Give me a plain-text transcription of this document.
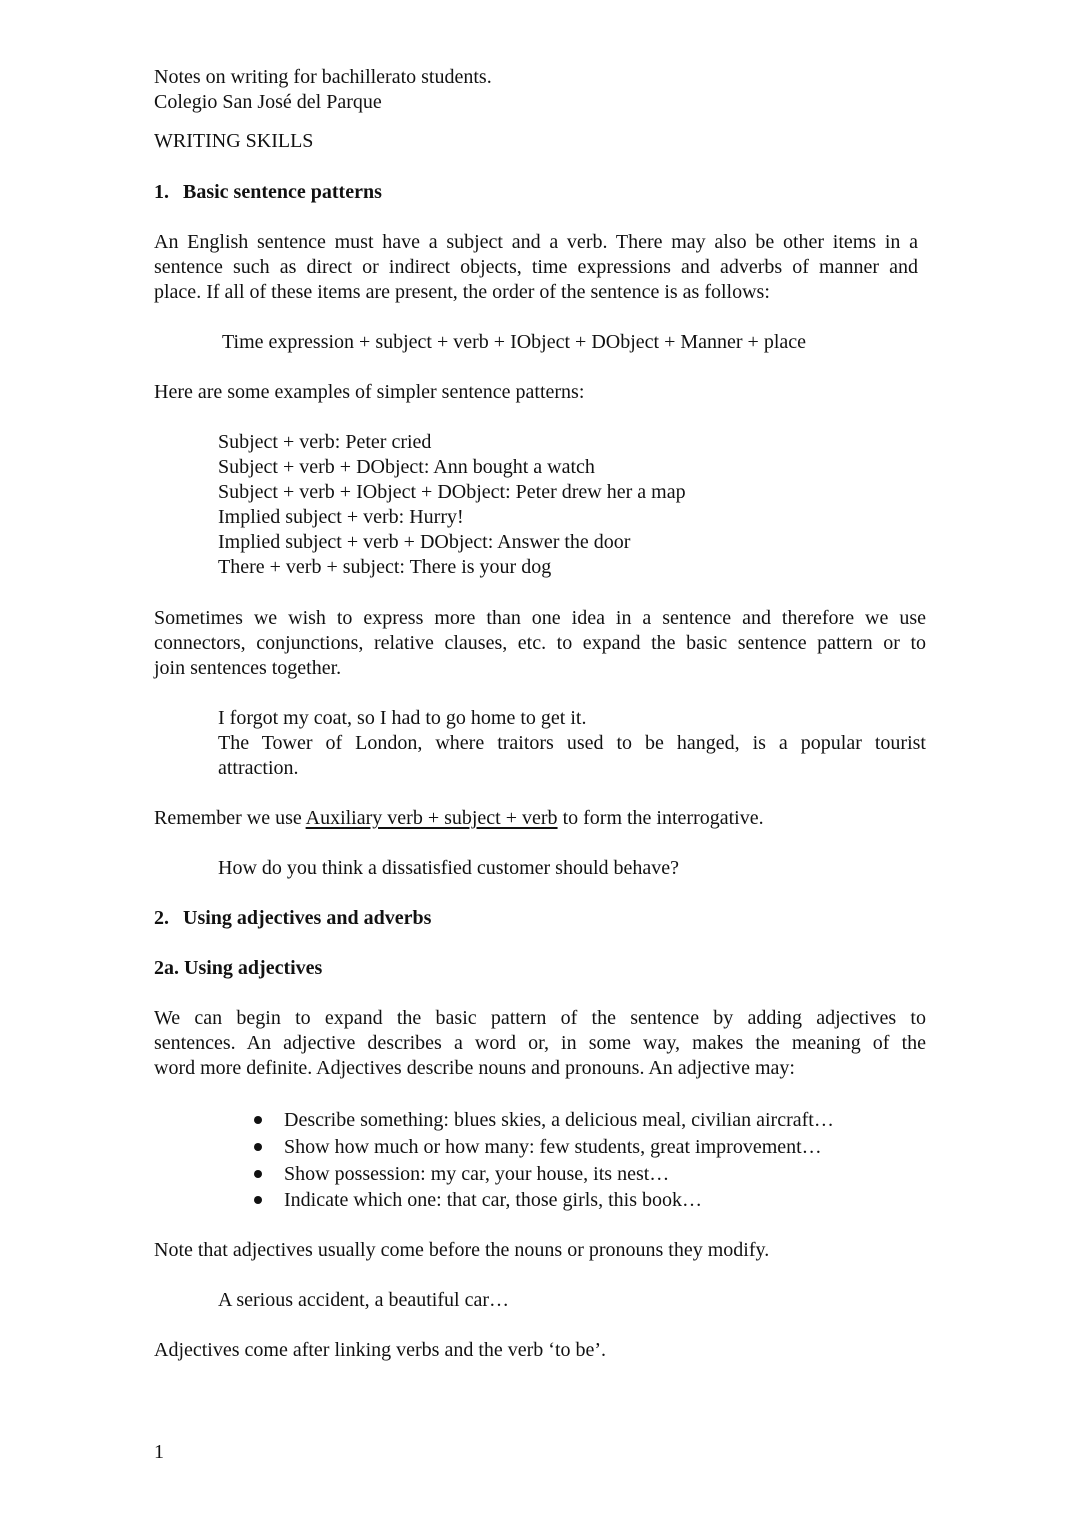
Notes on writing for bachillerato students.
Colegio San José del Parque
WRITING SKILLS
1. Basic sentence patterns
An English sentence must have a subject and a verb. There may also be other items in a
sentence such as direct or indirect objects, time expressions and adverbs of manner and
place. If all of these items are present, the order of the sentence is as follows:
Time expression + subject + verb + IObject + DObject + Manner + place
Here are some examples of simpler sentence patterns:
Subject + verb: Peter cried
Subject + verb + DObject: Ann bought a watch
Subject + verb + IObject + DObject: Peter drew her a map
Implied subject + verb: Hurry!
Implied subject + verb + DObject: Answer the door
There + verb + subject: There is your dog
Sometimes we wish to express more than one idea in a sentence and therefore we use
connectors, conjunctions, relative clauses, etc. to expand the basic sentence pattern or to
join sentences together.
I forgot my coat, so I had to go home to get it.
The Tower of London, where traitors used to be hanged, is a popular tourist
attraction.
Remember we use Auxiliary verb + subject + verb to form the interrogative.
How do you think a dissatisfied customer should behave?
2. Using adjectives and adverbs
2a. Using adjectives
We can begin to expand the basic pattern of the sentence by adding adjectives to
sentences. An adjective describes a word or, in some way, makes the meaning of the
word more definite. Adjectives describe nouns and pronouns. An adjective may:
Describe something: blues skies, a delicious meal, civilian aircraft…
Show how much or how many: few students, great improvement…
Show possession: my car, your house, its nest…
Indicate which one: that car, those girls, this book…
Note that adjectives usually come before the nouns or pronouns they modify.
A serious accident, a beautiful car…
Adjectives come after linking verbs and the verb ‘to be’.
1
